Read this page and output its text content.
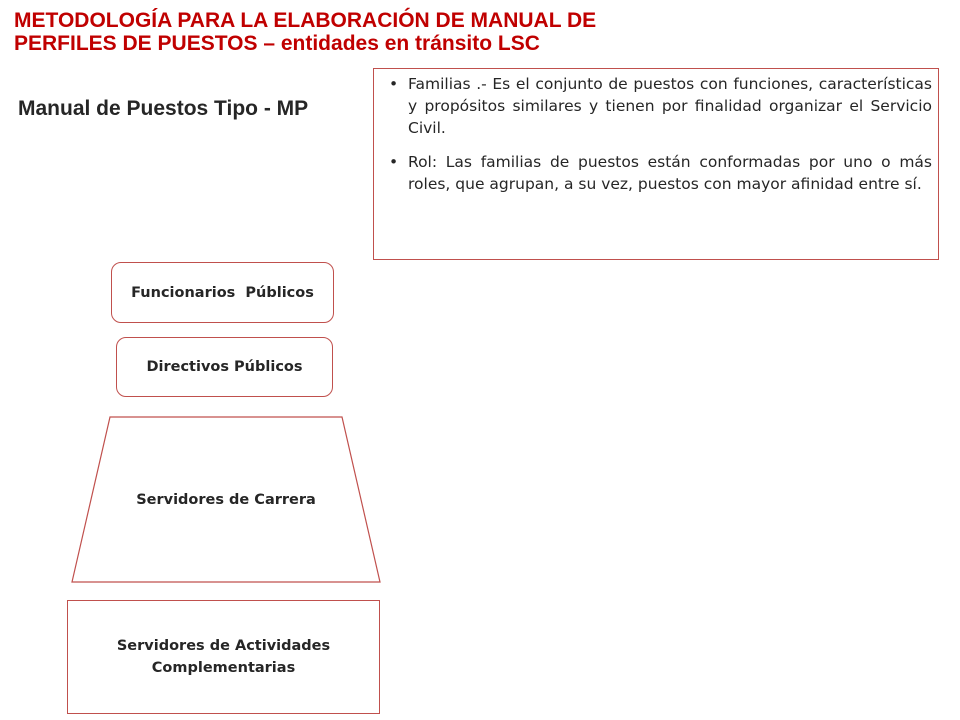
METODOLOGÍA PARA LA ELABORACIÓN DE MANUAL DE
PERFILES DE PUESTOS – entidades en tránsito LSC
Manual de Puestos Tipo - MP
Funcionarios  Públicos
Directivos Públicos
Servidores de Carrera
Servidores de Actividades
Complementarias
• Familias .- Es el conjunto de puestos con funciones, características y propósitos similares y tienen por finalidad organizar el Servicio Civil.
• Rol: Las familias de puestos están conformadas por uno o más roles, que agrupan, a su vez, puestos con mayor afinidad entre sí.
